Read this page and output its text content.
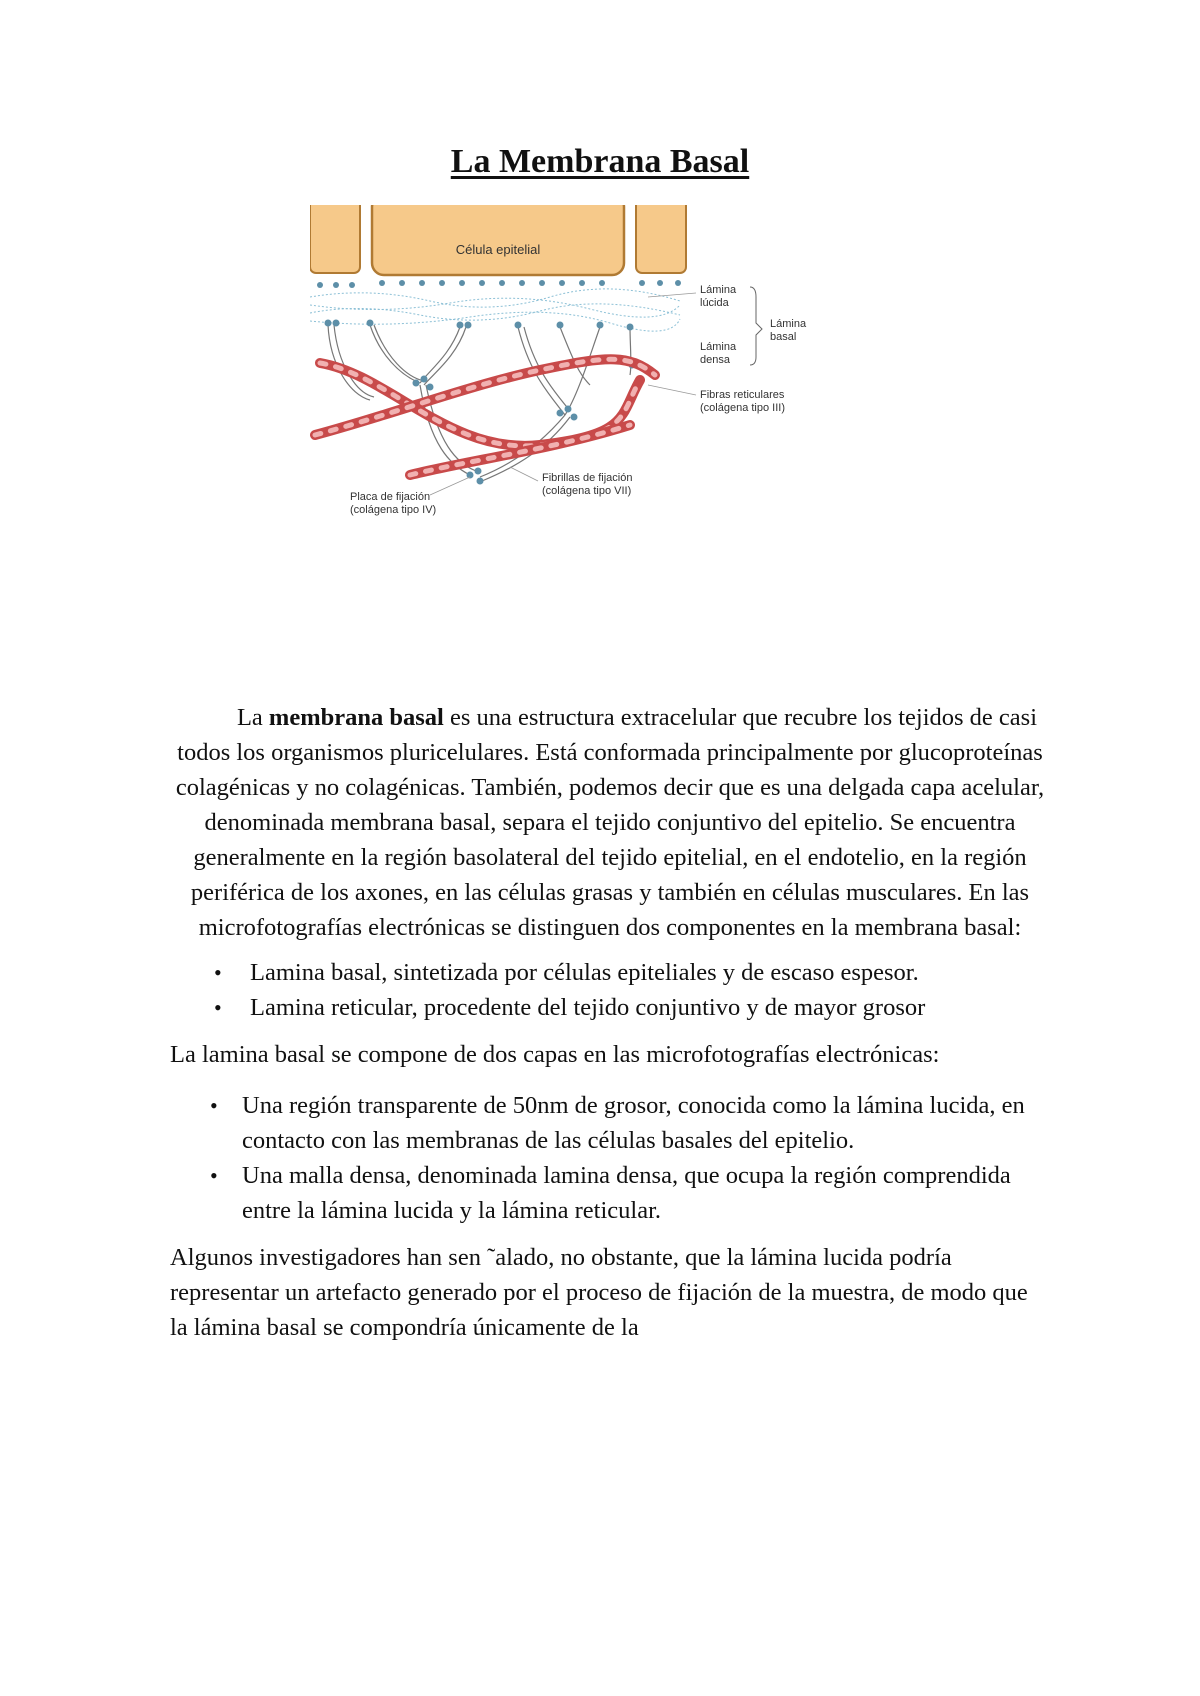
La Membrana Basal
Célula epitelial
Lámina
lúcida
Lámina
densa
Lámina
basal
Fibras reticulares
(colágena tipo III)
Fibrillas de fijación
(colágena tipo VII)
Placa de fijación
(colágena tipo IV)

La membrana basal es una estructura extracelular que recubre los tejidos de casi todos los organismos pluricelulares. Está conformada principalmente por glucoproteínas colagénicas y no colagénicas. También, podemos decir que es una delgada capa acelular, denominada membrana basal, separa el tejido conjuntivo del epitelio. Se encuentra generalmente en la región basolateral del tejido epitelial, en el endotelio, en la región periférica de los axones, en las células grasas y también en células musculares. En las microfotografías electrónicas se distinguen dos componentes en la membrana basal:

• Lamina basal, sintetizada por células epiteliales y de escaso espesor.
• Lamina reticular, procedente del tejido conjuntivo y de mayor grosor

La lamina basal se compone de dos capas en las microfotografías electrónicas:

• Una región transparente de 50nm de grosor, conocida como la lámina lucida, en contacto con las membranas de las células basales del epitelio.
• Una malla densa, denominada lamina densa, que ocupa la región comprendida entre la lámina lucida y la lámina reticular.

Algunos investigadores han sen ˜alado, no obstante, que la lámina lucida podría representar un artefacto generado por el proceso de fijación de la muestra, de modo que la lámina basal se compondría únicamente de la
